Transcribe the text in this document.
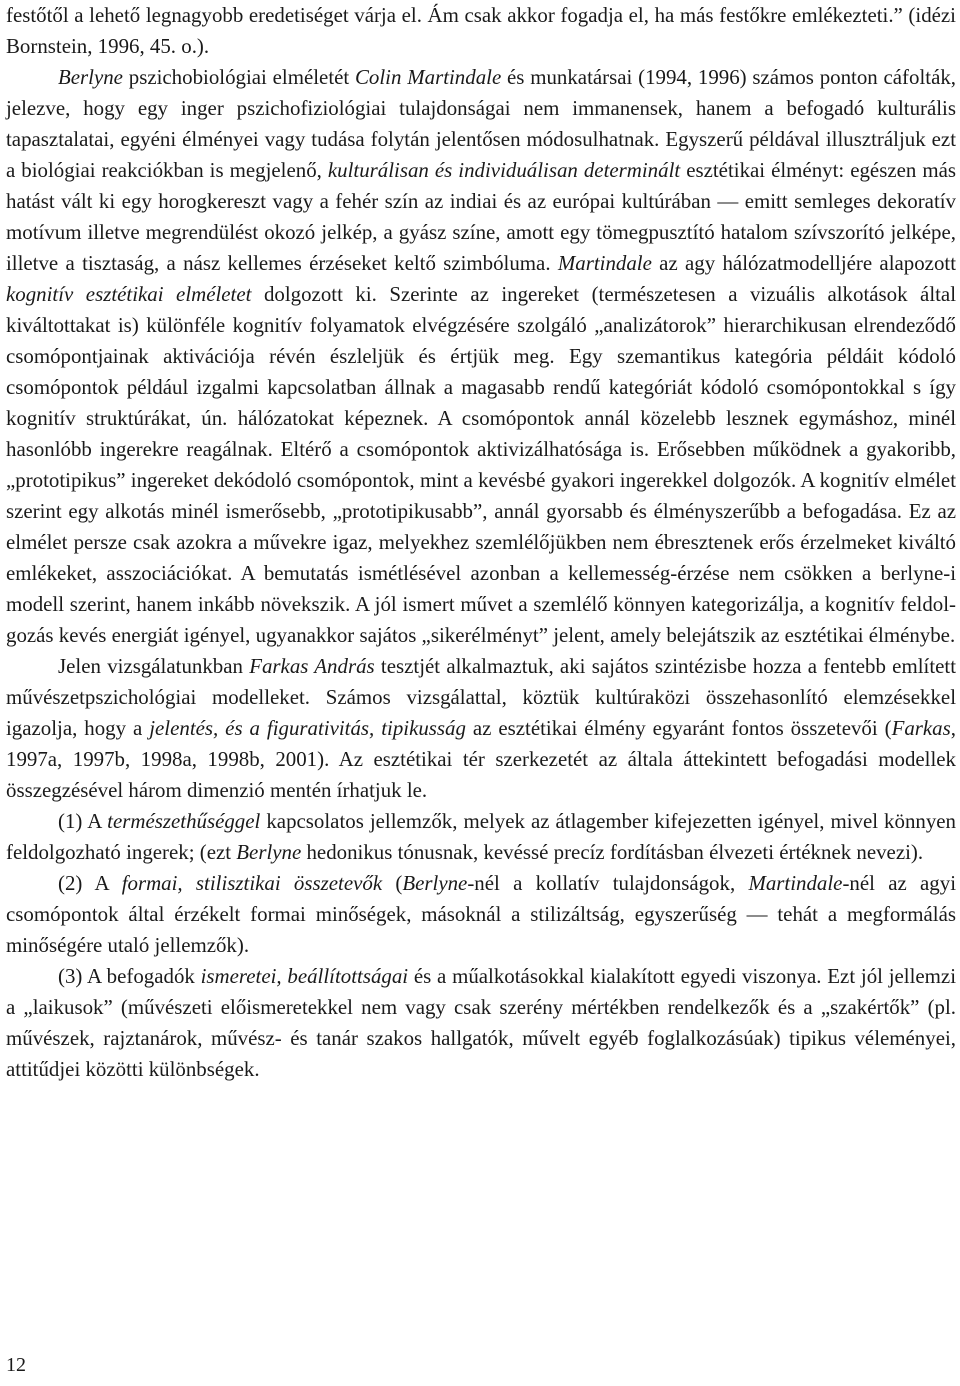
festőtől a lehető legnagyobb eredetiséget várja el. Ám csak akkor fogadja el, ha más festőkre emlékezteti.” (idézi Bornstein, 1996, 45. o.).

Berlyne pszichobiológiai elméletét Colin Martindale és munkatársai (1994, 1996) számos ponton cáfolták, jelezve, hogy egy inger pszichofiziológiai tulajdonságai nem immanensek, hanem a befogadó kulturális tapasztalatai, egyéni élményei vagy tudása folytán jelentősen módosulhatnak. Egyszerű példával illusztráljuk ezt a biológiai reakciókban is megjelenő, kulturálisan és individuálisan determinált esztétikai élményt: egészen más hatást vált ki egy horogkereszt vagy a fehér szín az indiai és az európai kultúrában — emitt semleges dekoratív motívum illetve megrendülést okozó jelkép, a gyász színe, amott egy tömegpusztító hatalom szívszorító jelképe, illetve a tisztaság, a nász kellemes érzéseket keltő szimbóluma. Martindale az agy hálózatmodelljére alapozott kognitív esztétikai elméletet dolgozott ki. Szerinte az ingereket (természetesen a vizuális alkotások által kiváltottakat is) különféle kognitív folyamatok elvégzésére szolgáló „analizátorok” hierarchikusan elrendeződő csomópontjainak aktivációja révén észleljük és értjük meg. Egy szemantikus kategória példáit kódoló csomópontok például izgalmi kapcsolatban állnak a magasabb rendű kategóriát kódoló csomópontokkal s így kognitív struktúrákat, ún. hálózatokat képeznek. A csomópontok annál közelebb lesznek egymáshoz, minél hasonlóbb ingerekre reagálnak. Eltérő a csomópontok aktivizálhatósága is. Erősebben működnek a gyakoribb, „prototipikus” ingereket dekódoló csomópontok, mint a kevésbé gyakori ingerekkel dolgozók. A kognitív elmélet szerint egy alkotás minél ismerősebb, „prototipikusabb”, annál gyorsabb és élményszerűbb a befogadása. Ez az elmélet persze csak azokra a művekre igaz, melyekhez szemlélőjükben nem ébresztenek erős érzelmeket kiváltó emlékeket, asszociációkat. A bemutatás ismétlésével azonban a kellemesség-érzése nem csökken a berlyne-i modell szerint, hanem inkább növekszik. A jól ismert művet a szemlélő könnyen kategorizálja, a kognitív feldolgozás kevés energiát igényel, ugyanakkor sajátos „sikerélményt” jelent, amely belejátszik az esztétikai élménybe.

Jelen vizsgálatunkban Farkas András tesztjét alkalmaztuk, aki sajátos szintézisbe hozza a fentebb említett művészetpszichológiai modelleket. Számos vizsgálattal, köztük kultúraközi összehasonlító elemzésekkel igazolja, hogy a jelentés, és a figurativitás, tipikusság az esztétikai élmény egyaránt fontos összetevői (Farkas, 1997a, 1997b, 1998a, 1998b, 2001). Az esztétikai tér szerkezetét az általa áttekintett befogadási modellek összegzésével három dimenzió mentén írhatjuk le.

(1) A természethűséggel kapcsolatos jellemzők, melyek az átlagember kifejezetten igényel, mivel könnyen feldolgozható ingerek; (ezt Berlyne hedonikus tónusnak, kevéssé precíz fordításban élvezeti értéknek nevezi).

(2) A formai, stilisztikai összetevők (Berlyne-nél a kollatív tulajdonságok, Martindale-nél az agyi csomópontok által érzékelt formai minőségek, másoknál a stilizáltság, egyszerűség — tehát a megformálás minőségére utaló jellemzők).

(3) A befogadók ismeretei, beállítottságai és a műalkotásokkal kialakított egyedi viszonya. Ezt jól jellemzi a „laikusok” (művészeti előismeretekkel nem vagy csak szerény mértékben rendelkezők és a „szakértők” (pl. művészek, rajztanárok, művész- és tanár szakos hallgatók, művelt egyéb foglalkozásúak) tipikus véleményei, attitűdjei közötti különbségek.

12
